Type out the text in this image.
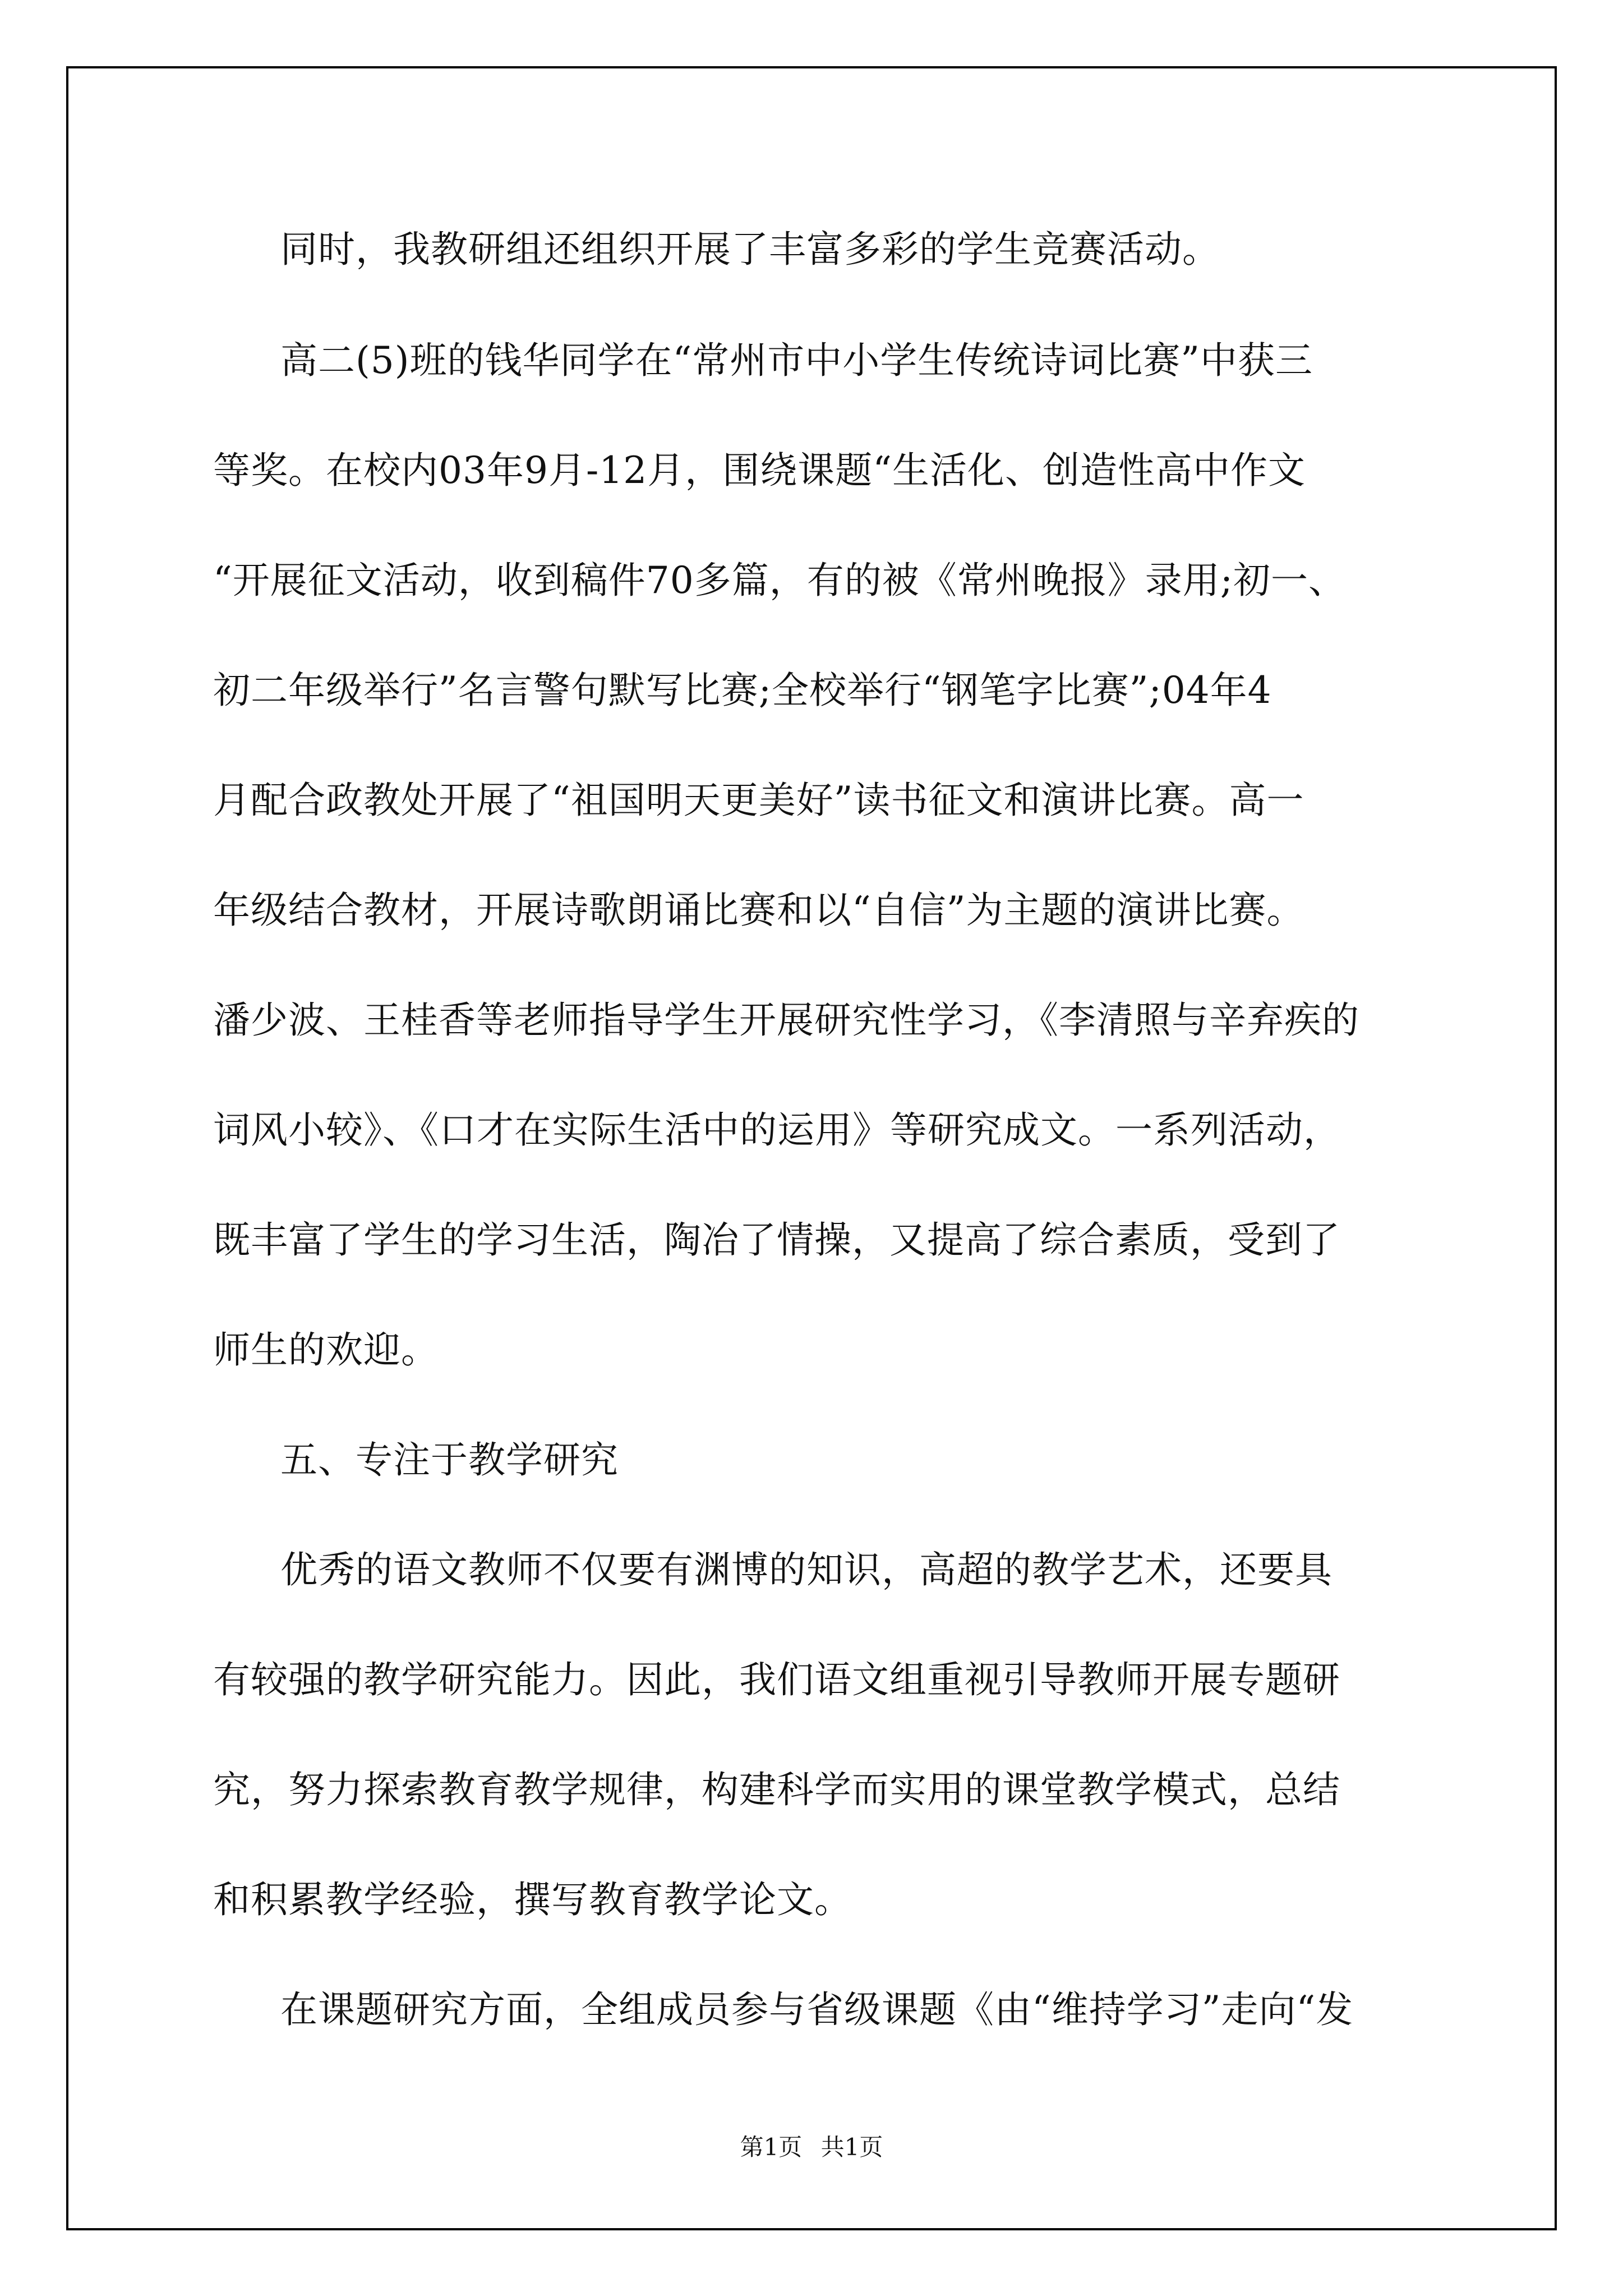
同时，我教研组还组织开展了丰富多彩的学生竞赛活动。
高二(5)班的钱华同学在“常州市中小学生传统诗词比赛”中获三
等奖。在校内03年9月-12月，围绕课题“生活化、创造性高中作文
“开展征文活动，收到稿件70多篇，有的被《常州晚报》录用;初一、
初二年级举行”名言警句默写比赛;全校举行“钢笔字比赛”;04年4
月配合政教处开展了“祖国明天更美好”读书征文和演讲比赛。高一
年级结合教材，开展诗歌朗诵比赛和以“自信”为主题的演讲比赛。
潘少波、王桂香等老师指导学生开展研究性学习，《李清照与辛弃疾的
词风小较》、《口才在实际生活中的运用》等研究成文。一系列活动，
既丰富了学生的学习生活，陶冶了情操，又提高了综合素质，受到了
师生的欢迎。
五、专注于教学研究
优秀的语文教师不仅要有渊博的知识，高超的教学艺术，还要具
有较强的教学研究能力。因此，我们语文组重视引导教师开展专题研
究，努力探索教育教学规律，构建科学而实用的课堂教学模式，总结
和积累教学经验，撰写教育教学论文。
在课题研究方面，全组成员参与省级课题《由“维持学习”走向“发
第1页 共1页
